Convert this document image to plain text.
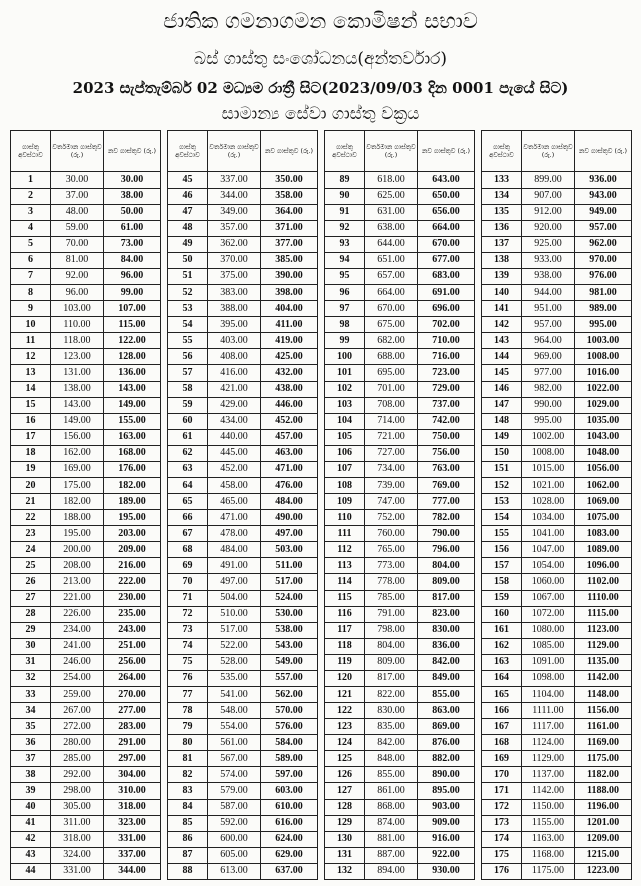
ජාතික ගමනාගමන කොමිෂන් සභාව
බස් ගාස්තු සංශෝධනය(අන්තර්වාර)
2023 සැප්තැම්බර් 02 මධ්‍යම රාත්‍රී සිට(2023/09/03 දින 0001 පැයේ සිට)
සාමාන්‍ය සේවා ගාස්තු වක්‍රය
ගාස්තු අවස්ථාව	වර්තමාන ගාස්තුව (රු.)	නව ගාස්තුව (රු.)
1	30.00	30.00
2	37.00	38.00
3	48.00	50.00
4	59.00	61.00
5	70.00	73.00
6	81.00	84.00
7	92.00	96.00
8	96.00	99.00
9	103.00	107.00
10	110.00	115.00
11	118.00	122.00
12	123.00	128.00
13	131.00	136.00
14	138.00	143.00
15	143.00	149.00
16	149.00	155.00
17	156.00	163.00
18	162.00	168.00
19	169.00	176.00
20	175.00	182.00
21	182.00	189.00
22	188.00	195.00
23	195.00	203.00
24	200.00	209.00
25	208.00	216.00
26	213.00	222.00
27	221.00	230.00
28	226.00	235.00
29	234.00	243.00
30	241.00	251.00
31	246.00	256.00
32	254.00	264.00
33	259.00	270.00
34	267.00	277.00
35	272.00	283.00
36	280.00	291.00
37	285.00	297.00
38	292.00	304.00
39	298.00	310.00
40	305.00	318.00
41	311.00	323.00
42	318.00	331.00
43	324.00	337.00
44	331.00	344.00
ගාස්තු අවස්ථාව	වර්තමාන ගාස්තුව (රු.)	නව ගාස්තුව (රු.)
45	337.00	350.00
46	344.00	358.00
47	349.00	364.00
48	357.00	371.00
49	362.00	377.00
50	370.00	385.00
51	375.00	390.00
52	383.00	398.00
53	388.00	404.00
54	395.00	411.00
55	403.00	419.00
56	408.00	425.00
57	416.00	432.00
58	421.00	438.00
59	429.00	446.00
60	434.00	452.00
61	440.00	457.00
62	445.00	463.00
63	452.00	471.00
64	458.00	476.00
65	465.00	484.00
66	471.00	490.00
67	478.00	497.00
68	484.00	503.00
69	491.00	511.00
70	497.00	517.00
71	504.00	524.00
72	510.00	530.00
73	517.00	538.00
74	522.00	543.00
75	528.00	549.00
76	535.00	557.00
77	541.00	562.00
78	548.00	570.00
79	554.00	576.00
80	561.00	584.00
81	567.00	589.00
82	574.00	597.00
83	579.00	603.00
84	587.00	610.00
85	592.00	616.00
86	600.00	624.00
87	605.00	629.00
88	613.00	637.00
ගාස්තු අවස්ථාව	වර්තමාන ගාස්තුව (රු.)	නව ගාස්තුව (රු.)
89	618.00	643.00
90	625.00	650.00
91	631.00	656.00
92	638.00	664.00
93	644.00	670.00
94	651.00	677.00
95	657.00	683.00
96	664.00	691.00
97	670.00	696.00
98	675.00	702.00
99	682.00	710.00
100	688.00	716.00
101	695.00	723.00
102	701.00	729.00
103	708.00	737.00
104	714.00	742.00
105	721.00	750.00
106	727.00	756.00
107	734.00	763.00
108	739.00	769.00
109	747.00	777.00
110	752.00	782.00
111	760.00	790.00
112	765.00	796.00
113	773.00	804.00
114	778.00	809.00
115	785.00	817.00
116	791.00	823.00
117	798.00	830.00
118	804.00	836.00
119	809.00	842.00
120	817.00	849.00
121	822.00	855.00
122	830.00	863.00
123	835.00	869.00
124	842.00	876.00
125	848.00	882.00
126	855.00	890.00
127	861.00	895.00
128	868.00	903.00
129	874.00	909.00
130	881.00	916.00
131	887.00	922.00
132	894.00	930.00
ගාස්තු අවස්ථාව	වර්තමාන ගාස්තුව (රු.)	නව ගාස්තුව (රු.)
133	899.00	936.00
134	907.00	943.00
135	912.00	949.00
136	920.00	957.00
137	925.00	962.00
138	933.00	970.00
139	938.00	976.00
140	944.00	981.00
141	951.00	989.00
142	957.00	995.00
143	964.00	1003.00
144	969.00	1008.00
145	977.00	1016.00
146	982.00	1022.00
147	990.00	1029.00
148	995.00	1035.00
149	1002.00	1043.00
150	1008.00	1048.00
151	1015.00	1056.00
152	1021.00	1062.00
153	1028.00	1069.00
154	1034.00	1075.00
155	1041.00	1083.00
156	1047.00	1089.00
157	1054.00	1096.00
158	1060.00	1102.00
159	1067.00	1110.00
160	1072.00	1115.00
161	1080.00	1123.00
162	1085.00	1129.00
163	1091.00	1135.00
164	1098.00	1142.00
165	1104.00	1148.00
166	1111.00	1156.00
167	1117.00	1161.00
168	1124.00	1169.00
169	1129.00	1175.00
170	1137.00	1182.00
171	1142.00	1188.00
172	1150.00	1196.00
173	1155.00	1201.00
174	1163.00	1209.00
175	1168.00	1215.00
176	1175.00	1223.00
